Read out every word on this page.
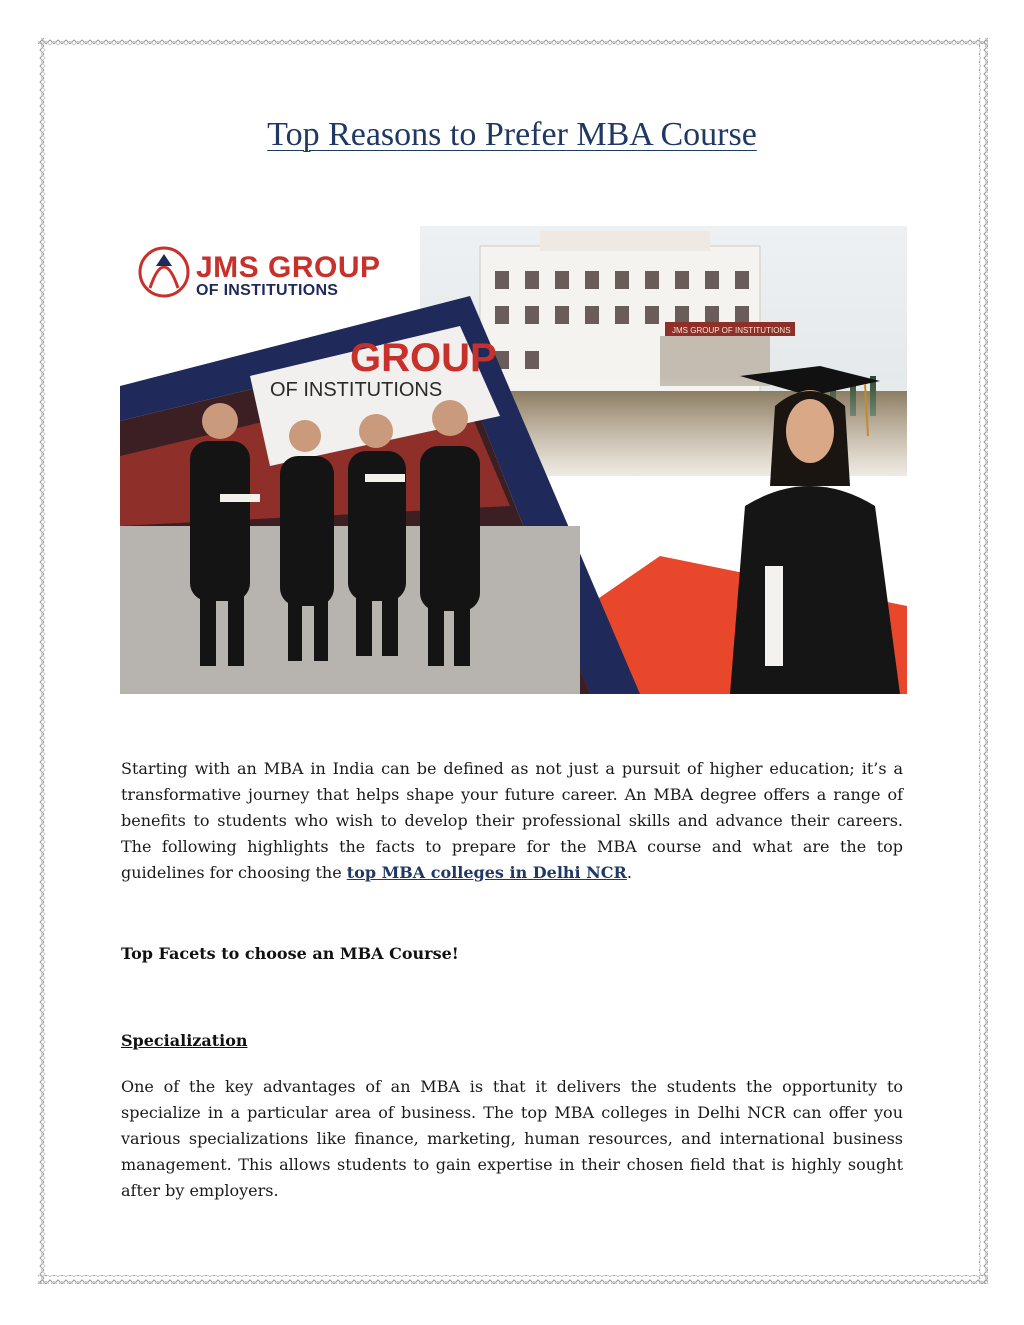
Top Reasons to Prefer MBA Course
JMS GROUP OF INSTITUTIONS
GROUP
OF INSTITUTIONS
JMS GROUP
OF INSTITUTIONS

Starting with an MBA in India can be defined as not just a pursuit of higher education; it’s a transformative journey that helps shape your future career. An MBA degree offers a range of benefits to students who wish to develop their professional skills and advance their careers. The following highlights the facts to prepare for the MBA course and what are the top guidelines for choosing the top MBA colleges in Delhi NCR.

Top Facets to choose an MBA Course!
Specialization

One of the key advantages of an MBA is that it delivers the students the opportunity to specialize in a particular area of business. The top MBA colleges in Delhi NCR can offer you various specializations like finance, marketing, human resources, and international business management. This allows students to gain expertise in their chosen field that is highly sought after by employers.
